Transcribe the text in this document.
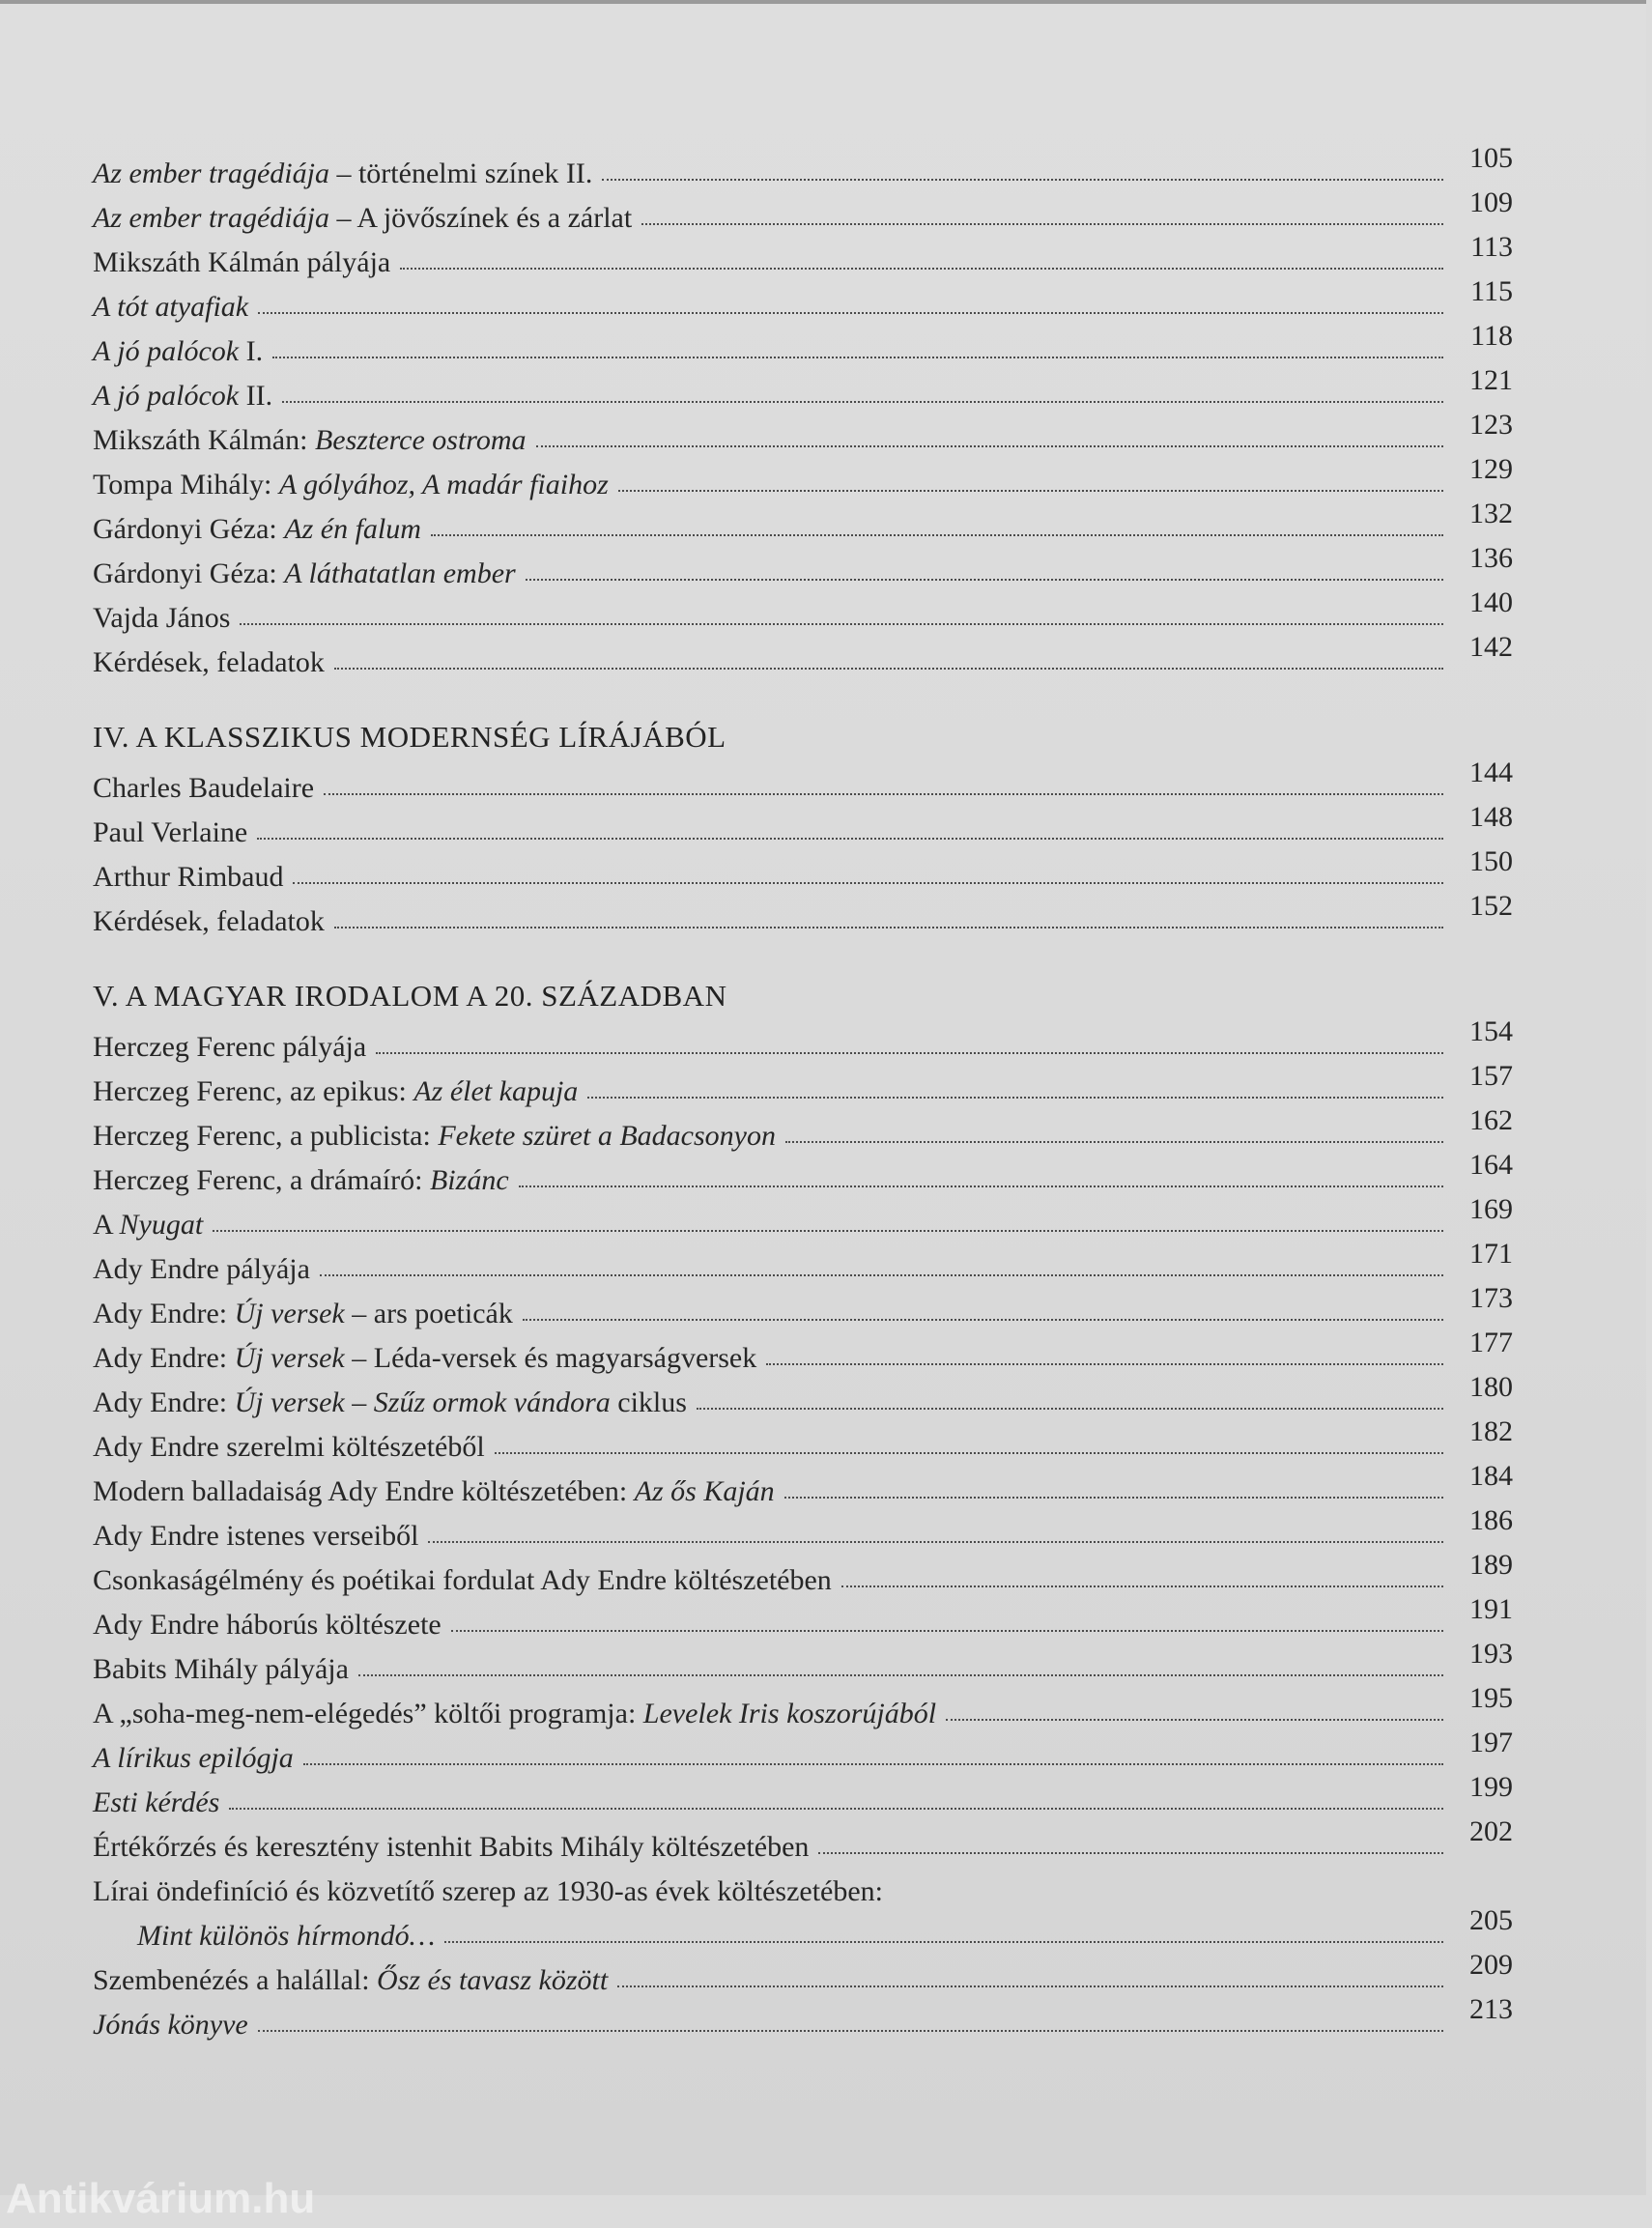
Az ember tragédiája – történelmi színek II.	105
Az ember tragédiája – A jövőszínek és a zárlat	109
Mikszáth Kálmán pályája	113
A tót atyafiak	115
A jó palócok I.	118
A jó palócok II.	121
Mikszáth Kálmán: Beszterce ostroma	123
Tompa Mihály: A gólyához, A madár fiaihoz	129
Gárdonyi Géza: Az én falum	132
Gárdonyi Géza: A láthatatlan ember	136
Vajda János	140
Kérdések, feladatok	142
IV. A KLASSZIKUS MODERNSÉG LÍRÁJÁBÓL
Charles Baudelaire	144
Paul Verlaine	148
Arthur Rimbaud	150
Kérdések, feladatok	152
V. A MAGYAR IRODALOM A 20. SZÁZADBAN
Herczeg Ferenc pályája	154
Herczeg Ferenc, az epikus: Az élet kapuja	157
Herczeg Ferenc, a publicista: Fekete szüret a Badacsonyon	162
Herczeg Ferenc, a drámaíró: Bizánc	164
A Nyugat	169
Ady Endre pályája	171
Ady Endre: Új versek – ars poeticák	173
Ady Endre: Új versek – Léda-versek és magyarságversek	177
Ady Endre: Új versek – Szűz ormok vándora ciklus	180
Ady Endre szerelmi költészetéből	182
Modern balladaiság Ady Endre költészetében: Az ős Kaján	184
Ady Endre istenes verseiből	186
Csonkaságélmény és poétikai fordulat Ady Endre költészetében	189
Ady Endre háborús költészete	191
Babits Mihály pályája	193
A „soha-meg-nem-elégedés” költői programja: Levelek Iris koszorújából	195
A lírikus epilógja	197
Esti kérdés	199
Értékőrzés és keresztény istenhit Babits Mihály költészetében	202
Lírai öndefiníció és közvetítő szerep az 1930-as évek költészetében:
Mint különös hírmondó…	205
Szembenézés a halállal: Ősz és tavasz között	209
Jónás könyve	213
Antikvárium.hu
